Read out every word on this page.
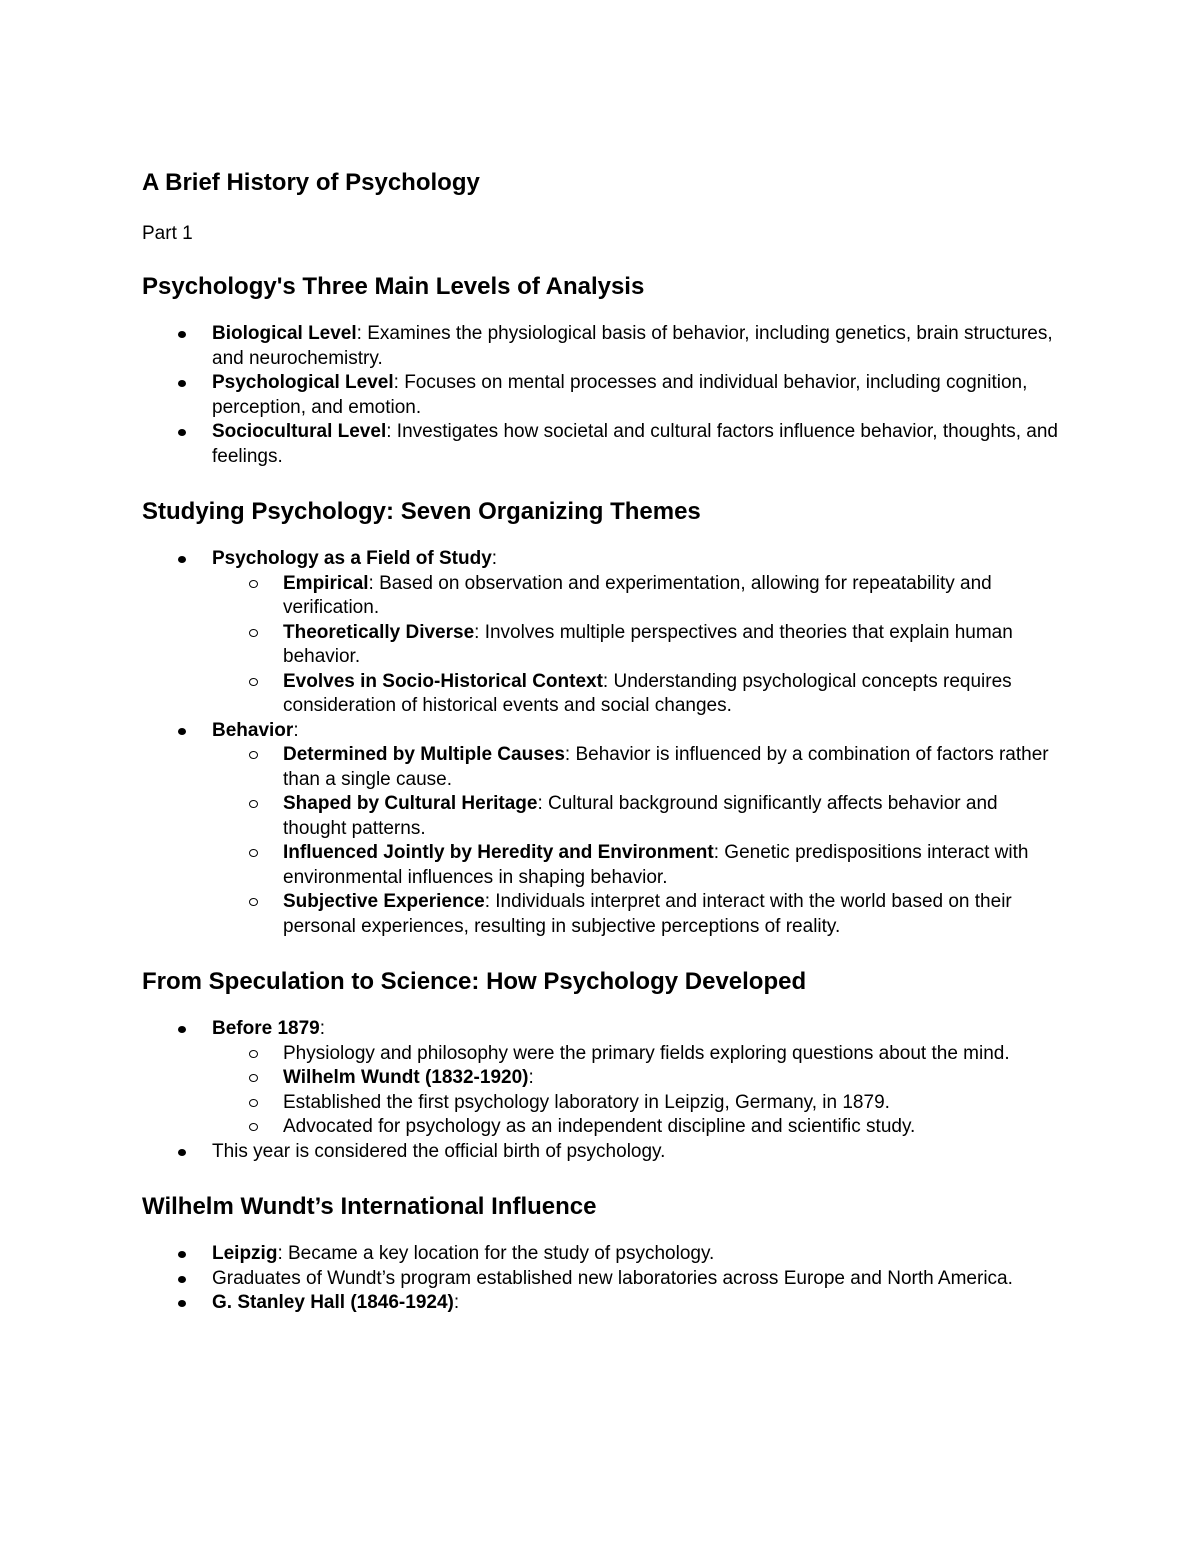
A Brief History of Psychology
Part 1
Psychology's Three Main Levels of Analysis
Biological Level: Examines the physiological basis of behavior, including genetics, brain structures, and neurochemistry.
Psychological Level: Focuses on mental processes and individual behavior, including cognition, perception, and emotion.
Sociocultural Level: Investigates how societal and cultural factors influence behavior, thoughts, and feelings.
Studying Psychology: Seven Organizing Themes
Psychology as a Field of Study:
Empirical: Based on observation and experimentation, allowing for repeatability and verification.
Theoretically Diverse: Involves multiple perspectives and theories that explain human behavior.
Evolves in Socio-Historical Context: Understanding psychological concepts requires consideration of historical events and social changes.
Behavior:
Determined by Multiple Causes: Behavior is influenced by a combination of factors rather than a single cause.
Shaped by Cultural Heritage: Cultural background significantly affects behavior and thought patterns.
Influenced Jointly by Heredity and Environment: Genetic predispositions interact with environmental influences in shaping behavior.
Subjective Experience: Individuals interpret and interact with the world based on their personal experiences, resulting in subjective perceptions of reality.
From Speculation to Science: How Psychology Developed
Before 1879:
Physiology and philosophy were the primary fields exploring questions about the mind.
Wilhelm Wundt (1832-1920):
Established the first psychology laboratory in Leipzig, Germany, in 1879.
Advocated for psychology as an independent discipline and scientific study.
This year is considered the official birth of psychology.
Wilhelm Wundt’s International Influence
Leipzig: Became a key location for the study of psychology.
Graduates of Wundt’s program established new laboratories across Europe and North America.
G. Stanley Hall (1846-1924):
